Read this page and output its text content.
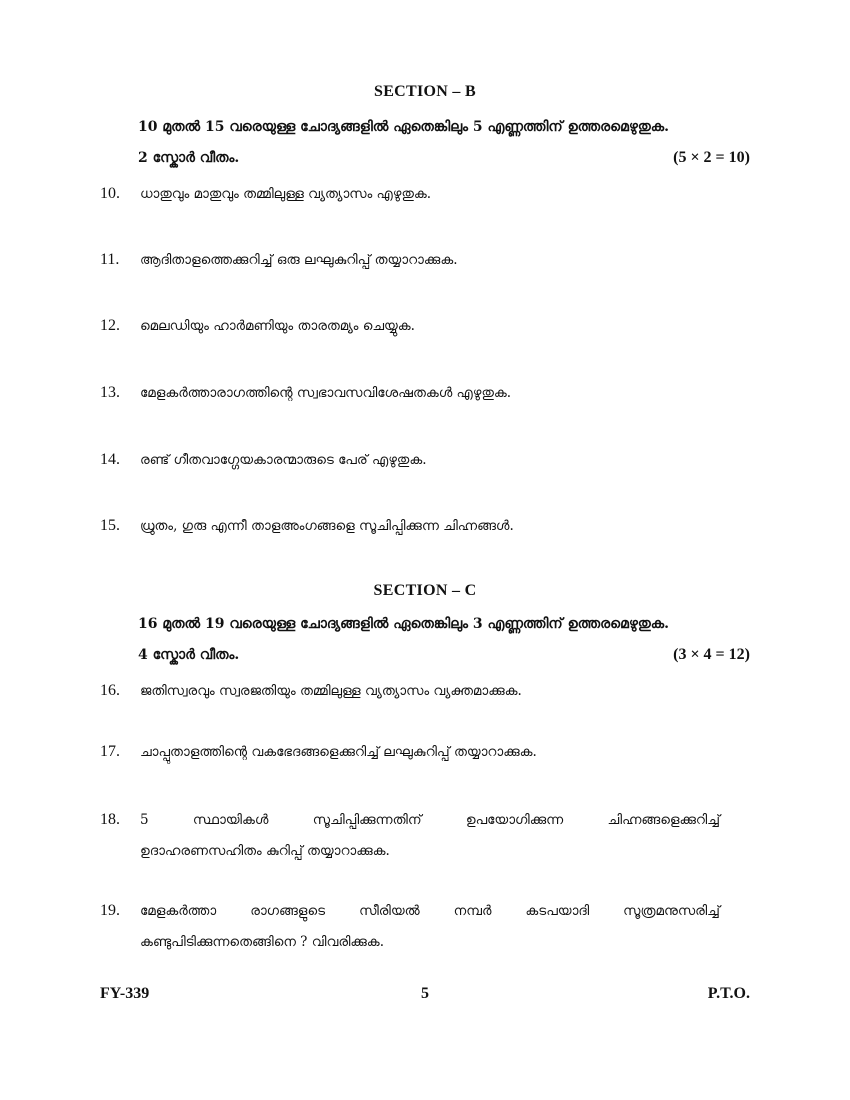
SECTION – B
10 മുതൽ 15 വരെയുള്ള ചോദ്യങ്ങളിൽ ഏതെങ്കിലും 5 എണ്ണത്തിന് ഉത്തരമെഴുതുക.
2 സ്കോർ വീതം.	(5 × 2 = 10)
10.	ധാതുവും മാതുവും തമ്മിലുള്ള വ്യത്യാസം എഴുതുക.
11.	ആദിതാളത്തെക്കുറിച്ച് ഒരു ലഘുകുറിപ്പ് തയ്യാറാക്കുക.
12.	മെലഡിയും ഹാർമണിയും താരതമ്യം ചെയ്യുക.
13.	മേളകർത്താരാഗത്തിന്റെ സ്വഭാവസവിശേഷതകൾ എഴുതുക.
14.	രണ്ട് ഗീതവാഗ്ഗേയകാരന്മാരുടെ പേര് എഴുതുക.
15.	ധ്രുതം, ഗുരു എന്നീ താളഅംഗങ്ങളെ സൂചിപ്പിക്കുന്ന ചിഹ്നങ്ങൾ.
SECTION – C
16 മുതൽ 19 വരെയുള്ള ചോദ്യങ്ങളിൽ ഏതെങ്കിലും 3 എണ്ണത്തിന് ഉത്തരമെഴുതുക.
4 സ്കോർ വീതം.	(3 × 4 = 12)
16.	ജതിസ്വരവും സ്വരജതിയും തമ്മിലുള്ള വ്യത്യാസം വ്യക്തമാക്കുക.
17.	ചാപ്പുതാളത്തിന്റെ വകഭേദങ്ങളെക്കുറിച്ച് ലഘുകുറിപ്പ് തയ്യാറാക്കുക.
18.	5	സ്ഥായികൾ	സൂചിപ്പിക്കുന്നതിന്	ഉപയോഗിക്കുന്ന	ചിഹ്നങ്ങളെക്കുറിച്ച്
ഉദാഹരണസഹിതം കുറിപ്പ് തയ്യാറാക്കുക.
19.	മേളകർത്താ	രാഗങ്ങളുടെ	സീരിയൽ	നമ്പർ	കടപയാദി	സൂത്രമനുസരിച്ച്
കണ്ടുപിടിക്കുന്നതെങ്ങിനെ ? വിവരിക്കുക.
FY-339	5	P.T.O.
